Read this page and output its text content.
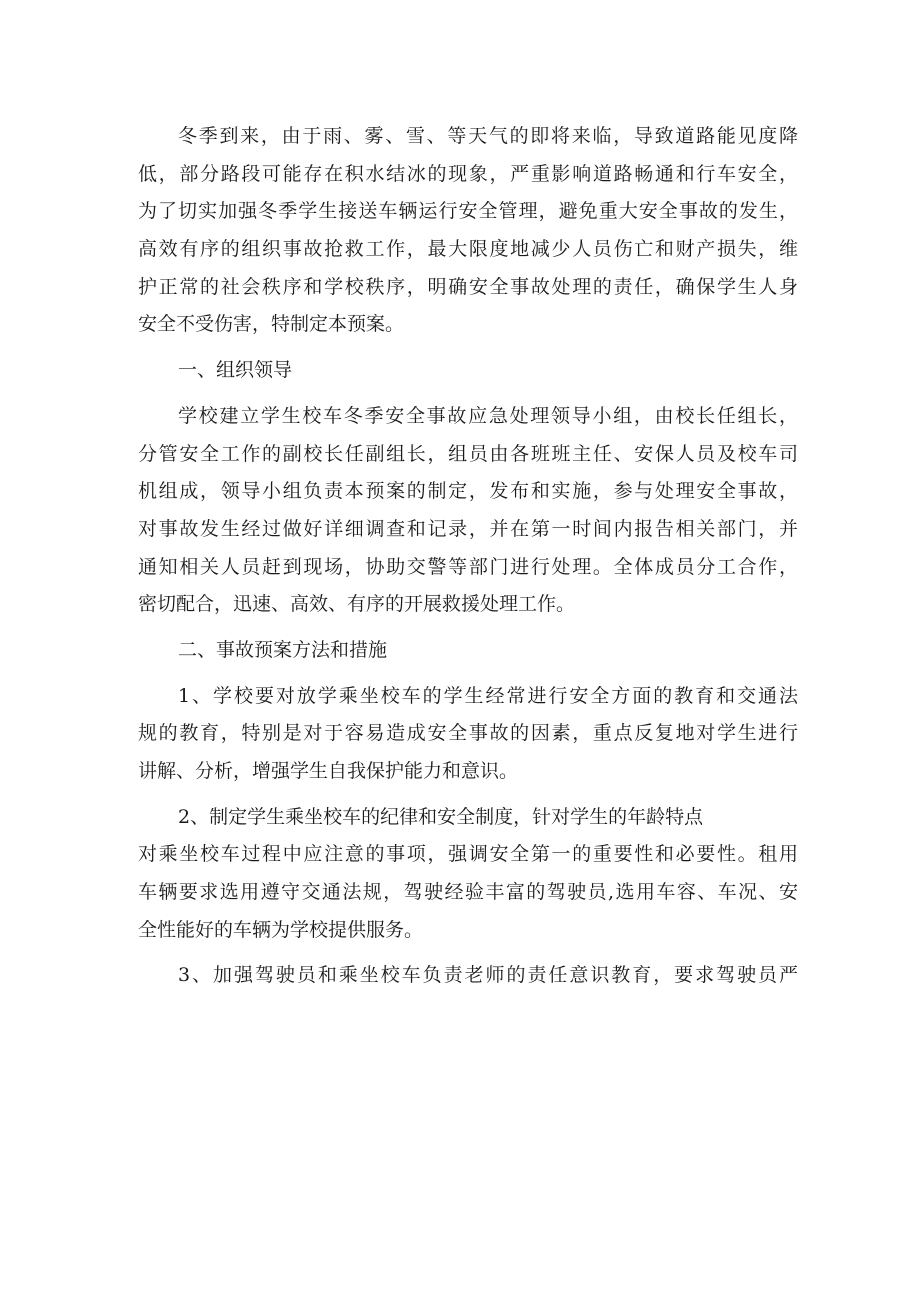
冬季到来，由于雨、雾、雪、等天气的即将来临，导致道路能见度降
低，部分路段可能存在积水结冰的现象，严重影响道路畅通和行车安全，
为了切实加强冬季学生接送车辆运行安全管理，避免重大安全事故的发生，
高效有序的组织事故抢救工作，最大限度地减少人员伤亡和财产损失，维
护正常的社会秩序和学校秩序，明确安全事故处理的责任，确保学生人身
安全不受伤害，特制定本预案。
一、组织领导
学校建立学生校车冬季安全事故应急处理领导小组，由校长任组长，
分管安全工作的副校长任副组长，组员由各班班主任、安保人员及校车司
机组成，领导小组负责本预案的制定，发布和实施，参与处理安全事故，
对事故发生经过做好详细调查和记录，并在第一时间内报告相关部门，并
通知相关人员赶到现场，协助交警等部门进行处理。全体成员分工合作，
密切配合，迅速、高效、有序的开展救援处理工作。
二、事故预案方法和措施
1、学校要对放学乘坐校车的学生经常进行安全方面的教育和交通法
规的教育，特别是对于容易造成安全事故的因素，重点反复地对学生进行
讲解、分析，增强学生自我保护能力和意识。
2、制定学生乘坐校车的纪律和安全制度，针对学生的年龄特点
对乘坐校车过程中应注意的事项，强调安全第一的重要性和必要性。租用
车辆要求选用遵守交通法规，驾驶经验丰富的驾驶员,选用车容、车况、安
全性能好的车辆为学校提供服务。
3、加强驾驶员和乘坐校车负责老师的责任意识教育，要求驾驶员严
